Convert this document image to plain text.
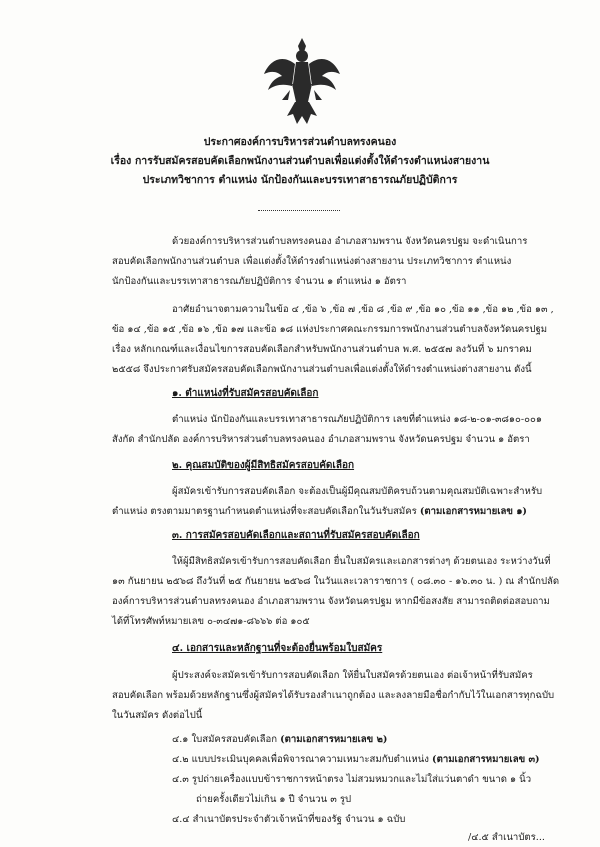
ประกาศองค์การบริหารส่วนตำบลทรงคนอง
เรื่อง การรับสมัครสอบคัดเลือกพนักงานส่วนตำบลเพื่อแต่งตั้งให้ดำรงตำแหน่งสายงาน
ประเภทวิชาการ ตำแหน่ง นักป้องกันและบรรเทาสาธารณภัยปฏิบัติการ
ด้วยองค์การบริหารส่วนตำบลทรงคนอง อำเภอสามพราน จังหวัดนครปฐม จะดำเนินการ
สอบคัดเลือกพนักงานส่วนตำบล เพื่อแต่งตั้งให้ดำรงตำแหน่งต่างสายงาน ประเภทวิชาการ ตำแหน่ง
นักป้องกันและบรรเทาสาธารณภัยปฏิบัติการ จำนวน ๑ ตำแหน่ง ๑ อัตรา
อาศัยอำนาจตามความในข้อ ๔ ,ข้อ ๖ ,ข้อ ๗ ,ข้อ ๘ ,ข้อ ๙ ,ข้อ ๑๐ ,ข้อ ๑๑ ,ข้อ ๑๒ ,ข้อ ๑๓ ,
ข้อ ๑๔ ,ข้อ ๑๕ ,ข้อ ๑๖ ,ข้อ ๑๗ และข้อ ๑๘ แห่งประกาศคณะกรรมการพนักงานส่วนตำบลจังหวัดนครปฐม
เรื่อง หลักเกณฑ์และเงื่อนไขการสอบคัดเลือกสำหรับพนักงานส่วนตำบล พ.ศ. ๒๕๕๗ ลงวันที่ ๖ มกราคม
๒๕๕๘ จึงประกาศรับสมัครสอบคัดเลือกพนักงานส่วนตำบลเพื่อแต่งตั้งให้ดำรงตำแหน่งต่างสายงาน ดังนี้
๑. ตำแหน่งที่รับสมัครสอบคัดเลือก
ตำแหน่ง นักป้องกันและบรรเทาสาธารณภัยปฏิบัติการ เลขที่ตำแหน่ง ๑๘-๒-๐๑-๓๘๑๐-๐๐๑
สังกัด สำนักปลัด องค์การบริหารส่วนตำบลทรงคนอง อำเภอสามพราน จังหวัดนครปฐม จำนวน ๑ อัตรา
๒. คุณสมบัติของผู้มีสิทธิสมัครสอบคัดเลือก
ผู้สมัครเข้ารับการสอบคัดเลือก จะต้องเป็นผู้มีคุณสมบัติครบถ้วนตามคุณสมบัติเฉพาะสำหรับ
ตำแหน่ง ตรงตามมาตรฐานกำหนดตำแหน่งที่จะสอบคัดเลือกในวันรับสมัคร (ตามเอกสารหมายเลข ๑)
๓. การสมัครสอบคัดเลือกและสถานที่รับสมัครสอบคัดเลือก
ให้ผู้มีสิทธิสมัครเข้ารับการสอบคัดเลือก ยื่นใบสมัครและเอกสารต่างๆ ด้วยตนเอง ระหว่างวันที่
๑๓ กันยายน ๒๕๖๘ ถึงวันที่ ๒๕ กันยายน ๒๕๖๘ ในวันและเวลาราชการ ( ๐๘.๓๐ - ๑๖.๓๐ น. ) ณ สำนักปลัด
องค์การบริหารส่วนตำบลทรงคนอง อำเภอสามพราน จังหวัดนครปฐม หากมีข้อสงสัย สามารถติดต่อสอบถาม
ได้ที่โทรศัพท์หมายเลข ๐-๓๔๗๑-๘๖๖๖ ต่อ ๑๐๕
๔. เอกสารและหลักฐานที่จะต้องยื่นพร้อมใบสมัคร
ผู้ประสงค์จะสมัครเข้ารับการสอบคัดเลือก ให้ยื่นใบสมัครด้วยตนเอง ต่อเจ้าหน้าที่รับสมัคร
สอบคัดเลือก พร้อมด้วยหลักฐานซึ่งผู้สมัครได้รับรองสำเนาถูกต้อง และลงลายมือชื่อกำกับไว้ในเอกสารทุกฉบับ
ในวันสมัคร ดังต่อไปนี้
๔.๑ ใบสมัครสอบคัดเลือก (ตามเอกสารหมายเลข ๒)
๔.๒ แบบประเมินบุคคลเพื่อพิจารณาความเหมาะสมกับตำแหน่ง (ตามเอกสารหมายเลข ๓)
๔.๓ รูปถ่ายเครื่องแบบข้าราชการหน้าตรง ไม่สวมหมวกและไม่ใส่แว่นตาดำ ขนาด ๑ นิ้ว
ถ่ายครั้งเดียวไม่เกิน ๑ ปี จำนวน ๓ รูป
๔.๔ สำเนาบัตรประจำตัวเจ้าหน้าที่ของรัฐ จำนวน ๑ ฉบับ
/๔.๕ สำเนาบัตร...
